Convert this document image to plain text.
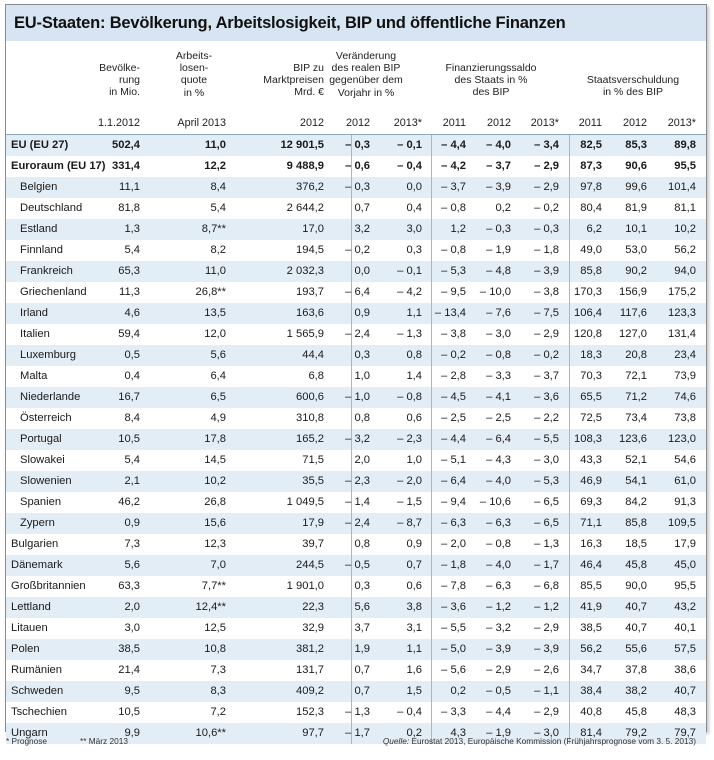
EU-Staaten: Bevölkerung, Arbeitslosigkeit, BIP und öffentliche Finanzen
Bevölke-
rung
in Mio.
Arbeits-
losen-
quote
in %
BIP zu
Marktpreisen
Mrd. €
Veränderung
des realen BIP
gegenüber dem
Vorjahr in %
Finanzierungssaldo
des Staats in %
des BIP
Staatsverschuldung
in % des BIP
1.1.2012	April 2013	2012	2012	2013*	2011	2012	2013*	2011	2012	2013*
EU (EU 27)	502,4	11,0	12 901,5	– 0,3	– 0,1	– 4,4	– 4,0	– 3,4	82,5	85,3	89,8
Euroraum (EU 17) 331,4	12,2	9 488,9	– 0,6	– 0,4	– 4,2	– 3,7	– 2,9	87,3	90,6	95,5
Belgien	11,1	8,4	376,2	– 0,3	0,0	– 3,7	– 3,9	– 2,9	97,8	99,6	101,4
Deutschland	81,8	5,4	2 644,2	0,7	0,4	– 0,8	0,2	– 0,2	80,4	81,9	81,1
Estland	1,3	8,7**	17,0	3,2	3,0	1,2	– 0,3	– 0,3	6,2	10,1	10,2
Finnland	5,4	8,2	194,5	– 0,2	0,3	– 0,8	– 1,9	– 1,8	49,0	53,0	56,2
Frankreich	65,3	11,0	2 032,3	0,0	– 0,1	– 5,3	– 4,8	– 3,9	85,8	90,2	94,0
Griechenland	11,3	26,8**	193,7	– 6,4	– 4,2	– 9,5	– 10,0	– 3,8	170,3	156,9	175,2
Irland	4,6	13,5	163,6	0,9	1,1	– 13,4	– 7,6	– 7,5	106,4	117,6	123,3
Italien	59,4	12,0	1 565,9	– 2,4	– 1,3	– 3,8	– 3,0	– 2,9	120,8	127,0	131,4
Luxemburg	0,5	5,6	44,4	0,3	0,8	– 0,2	– 0,8	– 0,2	18,3	20,8	23,4
Malta	0,4	6,4	6,8	1,0	1,4	– 2,8	– 3,3	– 3,7	70,3	72,1	73,9
Niederlande	16,7	6,5	600,6	– 1,0	– 0,8	– 4,5	– 4,1	– 3,6	65,5	71,2	74,6
Österreich	8,4	4,9	310,8	0,8	0,6	– 2,5	– 2,5	– 2,2	72,5	73,4	73,8
Portugal	10,5	17,8	165,2	– 3,2	– 2,3	– 4,4	– 6,4	– 5,5	108,3	123,6	123,0
Slowakei	5,4	14,5	71,5	2,0	1,0	– 5,1	– 4,3	– 3,0	43,3	52,1	54,6
Slowenien	2,1	10,2	35,5	– 2,3	– 2,0	– 6,4	– 4,0	– 5,3	46,9	54,1	61,0
Spanien	46,2	26,8	1 049,5	– 1,4	– 1,5	– 9,4	– 10,6	– 6,5	69,3	84,2	91,3
Zypern	0,9	15,6	17,9	– 2,4	– 8,7	– 6,3	– 6,3	– 6,5	71,1	85,8	109,5
Bulgarien	7,3	12,3	39,7	0,8	0,9	– 2,0	– 0,8	– 1,3	16,3	18,5	17,9
Dänemark	5,6	7,0	244,5	– 0,5	0,7	– 1,8	– 4,0	– 1,7	46,4	45,8	45,0
Großbritannien	63,3	7,7**	1 901,0	0,3	0,6	– 7,8	– 6,3	– 6,8	85,5	90,0	95,5
Lettland	2,0	12,4**	22,3	5,6	3,8	– 3,6	– 1,2	– 1,2	41,9	40,7	43,2
Litauen	3,0	12,5	32,9	3,7	3,1	– 5,5	– 3,2	– 2,9	38,5	40,7	40,1
Polen	38,5	10,8	381,2	1,9	1,1	– 5,0	– 3,9	– 3,9	56,2	55,6	57,5
Rumänien	21,4	7,3	131,7	0,7	1,6	– 5,6	– 2,9	– 2,6	34,7	37,8	38,6
Schweden	9,5	8,3	409,2	0,7	1,5	0,2	– 0,5	– 1,1	38,4	38,2	40,7
Tschechien	10,5	7,2	152,3	– 1,3	– 0,4	– 3,3	– 4,4	– 2,9	40,8	45,8	48,3
Ungarn	9,9	10,6**	97,7	– 1,7	0,2	4,3	– 1,9	– 3,0	81,4	79,2	79,7
* Prognose	** März 2013	Quelle: Eurostat 2013, Europäische Kommission (Frühjahrsprognose vom 3. 5. 2013)
